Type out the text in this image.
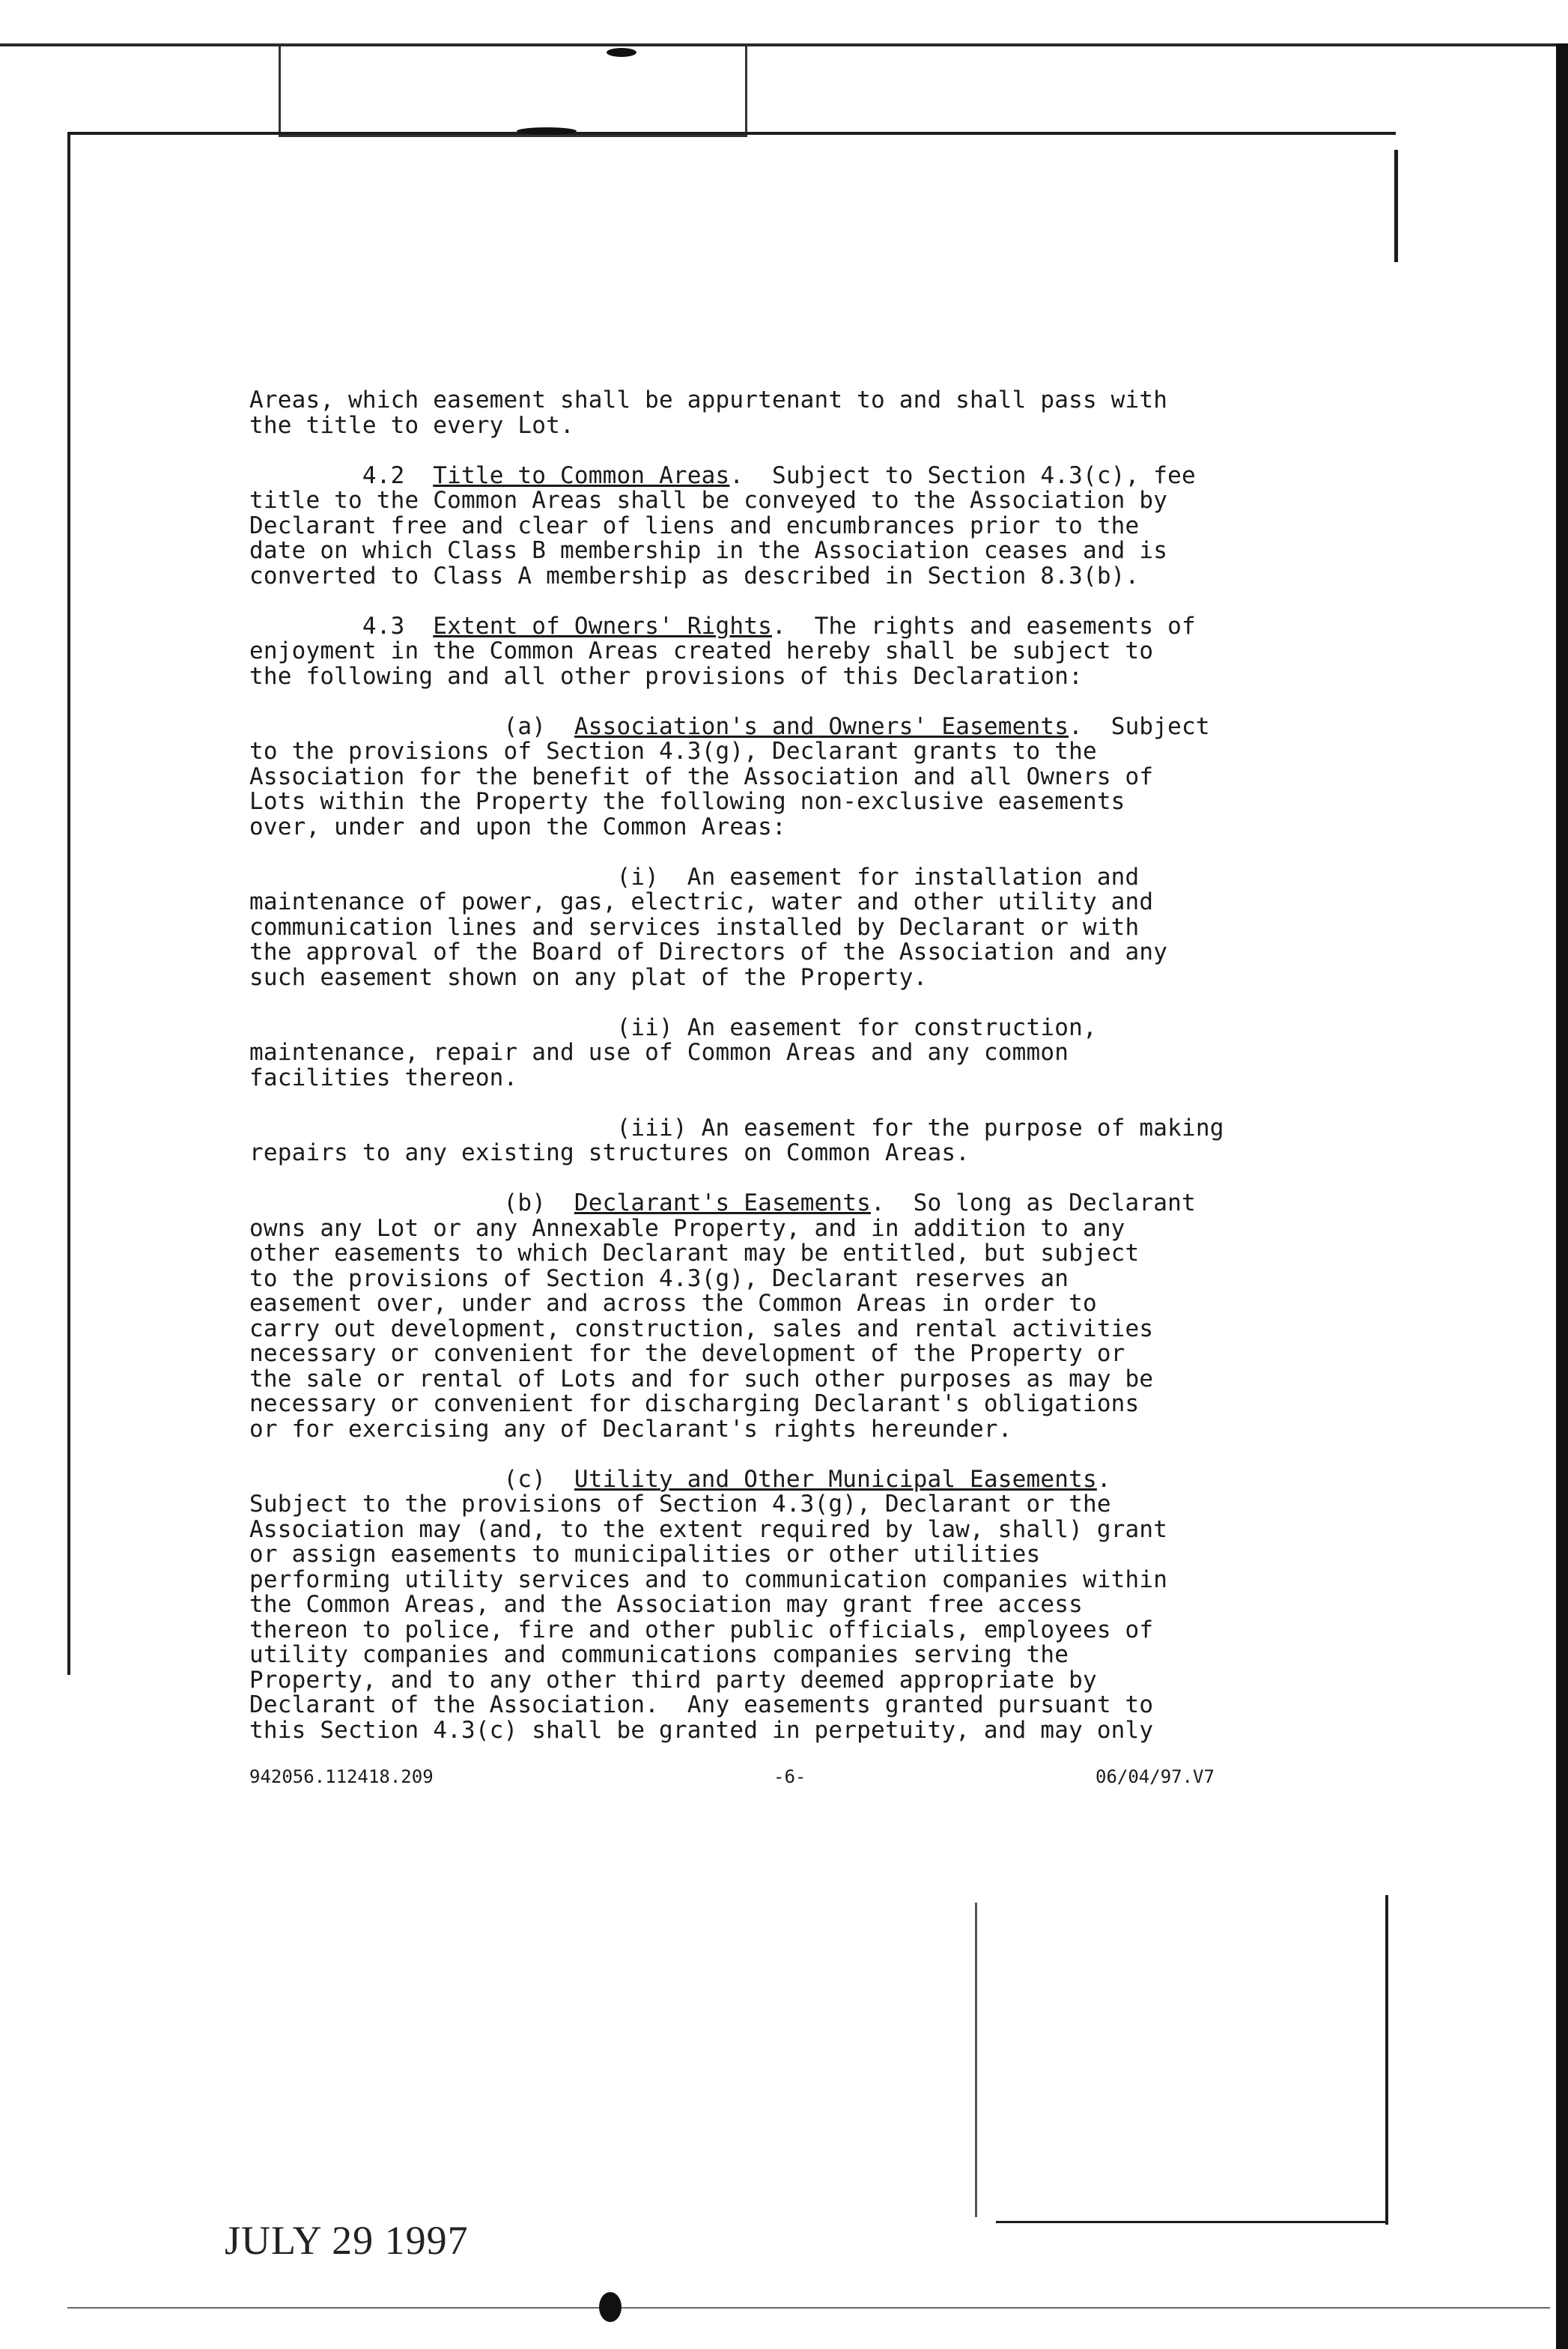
Areas, which easement shall be appurtenant to and shall pass with
the title to every Lot.

4.2  Title to Common Areas.  Subject to Section 4.3(c), fee
title to the Common Areas shall be conveyed to the Association by
Declarant free and clear of liens and encumbrances prior to the
date on which Class B membership in the Association ceases and is
converted to Class A membership as described in Section 8.3(b).

4.3  Extent of Owners' Rights.  The rights and easements of
enjoyment in the Common Areas created hereby shall be subject to
the following and all other provisions of this Declaration:

(a)  Association's and Owners' Easements.  Subject
to the provisions of Section 4.3(g), Declarant grants to the
Association for the benefit of the Association and all Owners of
Lots within the Property the following non-exclusive easements
over, under and upon the Common Areas:

(i)  An easement for installation and
maintenance of power, gas, electric, water and other utility and
communication lines and services installed by Declarant or with
the approval of the Board of Directors of the Association and any
such easement shown on any plat of the Property.

(ii) An easement for construction,
maintenance, repair and use of Common Areas and any common
facilities thereon.

(iii) An easement for the purpose of making
repairs to any existing structures on Common Areas.

(b)  Declarant's Easements.  So long as Declarant
owns any Lot or any Annexable Property, and in addition to any
other easements to which Declarant may be entitled, but subject
to the provisions of Section 4.3(g), Declarant reserves an
easement over, under and across the Common Areas in order to
carry out development, construction, sales and rental activities
necessary or convenient for the development of the Property or
the sale or rental of Lots and for such other purposes as may be
necessary or convenient for discharging Declarant's obligations
or for exercising any of Declarant's rights hereunder.

(c)  Utility and Other Municipal Easements.
Subject to the provisions of Section 4.3(g), Declarant or the
Association may (and, to the extent required by law, shall) grant
or assign easements to municipalities or other utilities
performing utility services and to communication companies within
the Common Areas, and the Association may grant free access
thereon to police, fire and other public officials, employees of
utility companies and communications companies serving the
Property, and to any other third party deemed appropriate by
Declarant of the Association.  Any easements granted pursuant to
this Section 4.3(c) shall be granted in perpetuity, and may only

942056.112418.209	-6-	06/04/97.V7
JULY 29 1997
